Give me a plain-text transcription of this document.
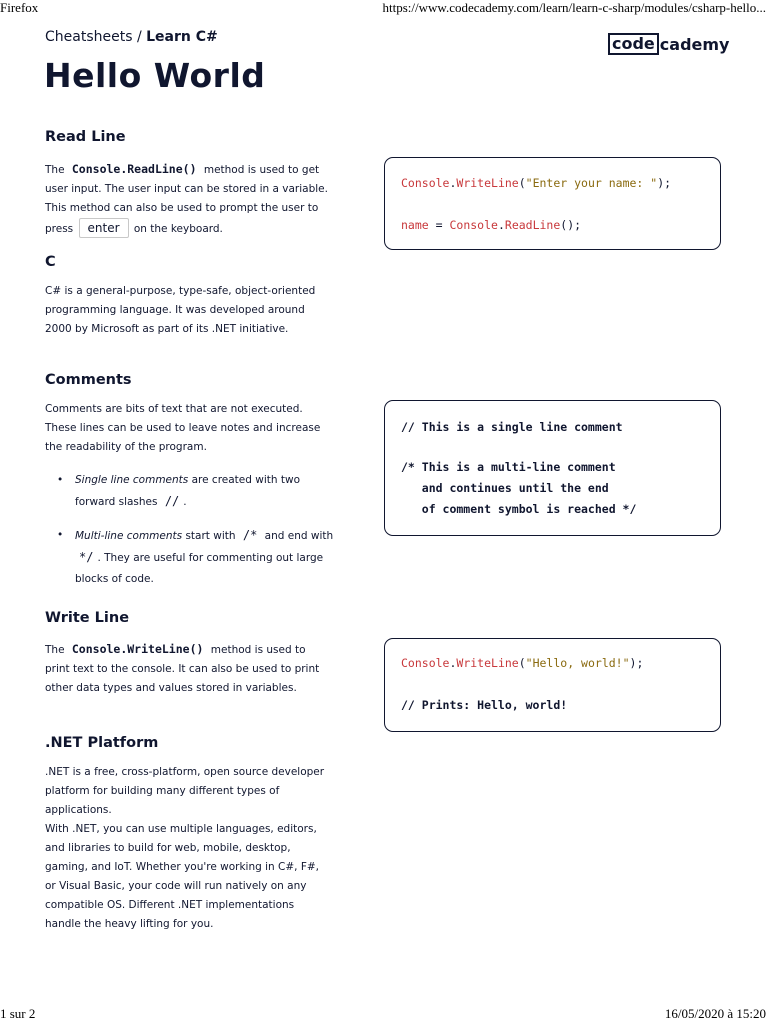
Firefox	https://www.codecademy.com/learn/learn-c-sharp/modules/csharp-hello...
Cheatsheets / Learn C#	code cademy
Hello World
Read Line
The Console.ReadLine() method is used to get user input. The user input can be stored in a variable. This method can also be used to prompt the user to press enter on the keyboard.
Console.WriteLine("Enter your name: ");
name = Console.ReadLine();
C
C# is a general-purpose, type-safe, object-oriented programming language. It was developed around 2000 by Microsoft as part of its .NET initiative.
Comments
Comments are bits of text that are not executed. These lines can be used to leave notes and increase the readability of the program.
• Single line comments are created with two forward slashes // .
• Multi-line comments start with /* and end with */ . They are useful for commenting out large blocks of code.
// This is a single line comment
/* This is a multi-line comment
and continues until the end
of comment symbol is reached */
Write Line
The Console.WriteLine() method is used to print text to the console. It can also be used to print other data types and values stored in variables.
Console.WriteLine("Hello, world!");
// Prints: Hello, world!
.NET Platform
.NET is a free, cross-platform, open source developer platform for building many different types of applications.
With .NET, you can use multiple languages, editors, and libraries to build for web, mobile, desktop, gaming, and IoT. Whether you're working in C#, F#, or Visual Basic, your code will run natively on any compatible OS. Different .NET implementations handle the heavy lifting for you.
1 sur 2	16/05/2020 à 15:20
